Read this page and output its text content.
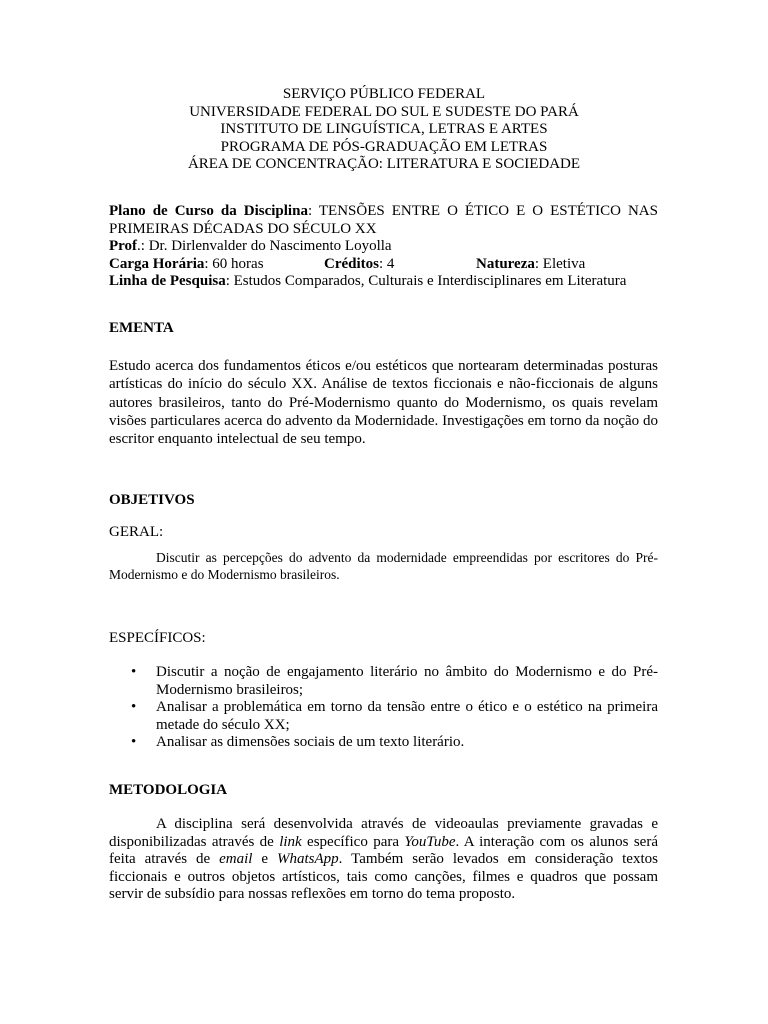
SERVIÇO PÚBLICO FEDERAL
UNIVERSIDADE FEDERAL DO SUL E SUDESTE DO PARÁ
INSTITUTO DE LINGUÍSTICA, LETRAS E ARTES
PROGRAMA DE PÓS-GRADUAÇÃO EM LETRAS
ÁREA DE CONCENTRAÇÃO: LITERATURA E SOCIEDADE
Plano de Curso da Disciplina: TENSÕES ENTRE O ÉTICO E O ESTÉTICO NAS PRIMEIRAS DÉCADAS DO SÉCULO XX
Prof.: Dr. Dirlenvalder do Nascimento Loyolla
Carga Horária: 60 horas	Créditos: 4	Natureza: Eletiva
Linha de Pesquisa: Estudos Comparados, Culturais e Interdisciplinares em Literatura
EMENTA
Estudo acerca dos fundamentos éticos e/ou estéticos que nortearam determinadas posturas artísticas do início do século XX. Análise de textos ficcionais e não-ficcionais de alguns autores brasileiros, tanto do Pré-Modernismo quanto do Modernismo, os quais revelam visões particulares acerca do advento da Modernidade. Investigações em torno da noção do escritor enquanto intelectual de seu tempo.
OBJETIVOS
GERAL:
Discutir as percepções do advento da modernidade empreendidas por escritores do Pré-Modernismo e do Modernismo brasileiros.
ESPECÍFICOS:
• Discutir a noção de engajamento literário no âmbito do Modernismo e do Pré-Modernismo brasileiros;
• Analisar a problemática em torno da tensão entre o ético e o estético na primeira metade do século XX;
• Analisar as dimensões sociais de um texto literário.
METODOLOGIA

A disciplina será desenvolvida através de videoaulas previamente gravadas e disponibilizadas através de link específico para YouTube. A interação com os alunos será feita através de email e WhatsApp. Também serão levados em consideração textos ficcionais e outros objetos artísticos, tais como canções, filmes e quadros que possam servir de subsídio para nossas reflexões em torno do tema proposto.
